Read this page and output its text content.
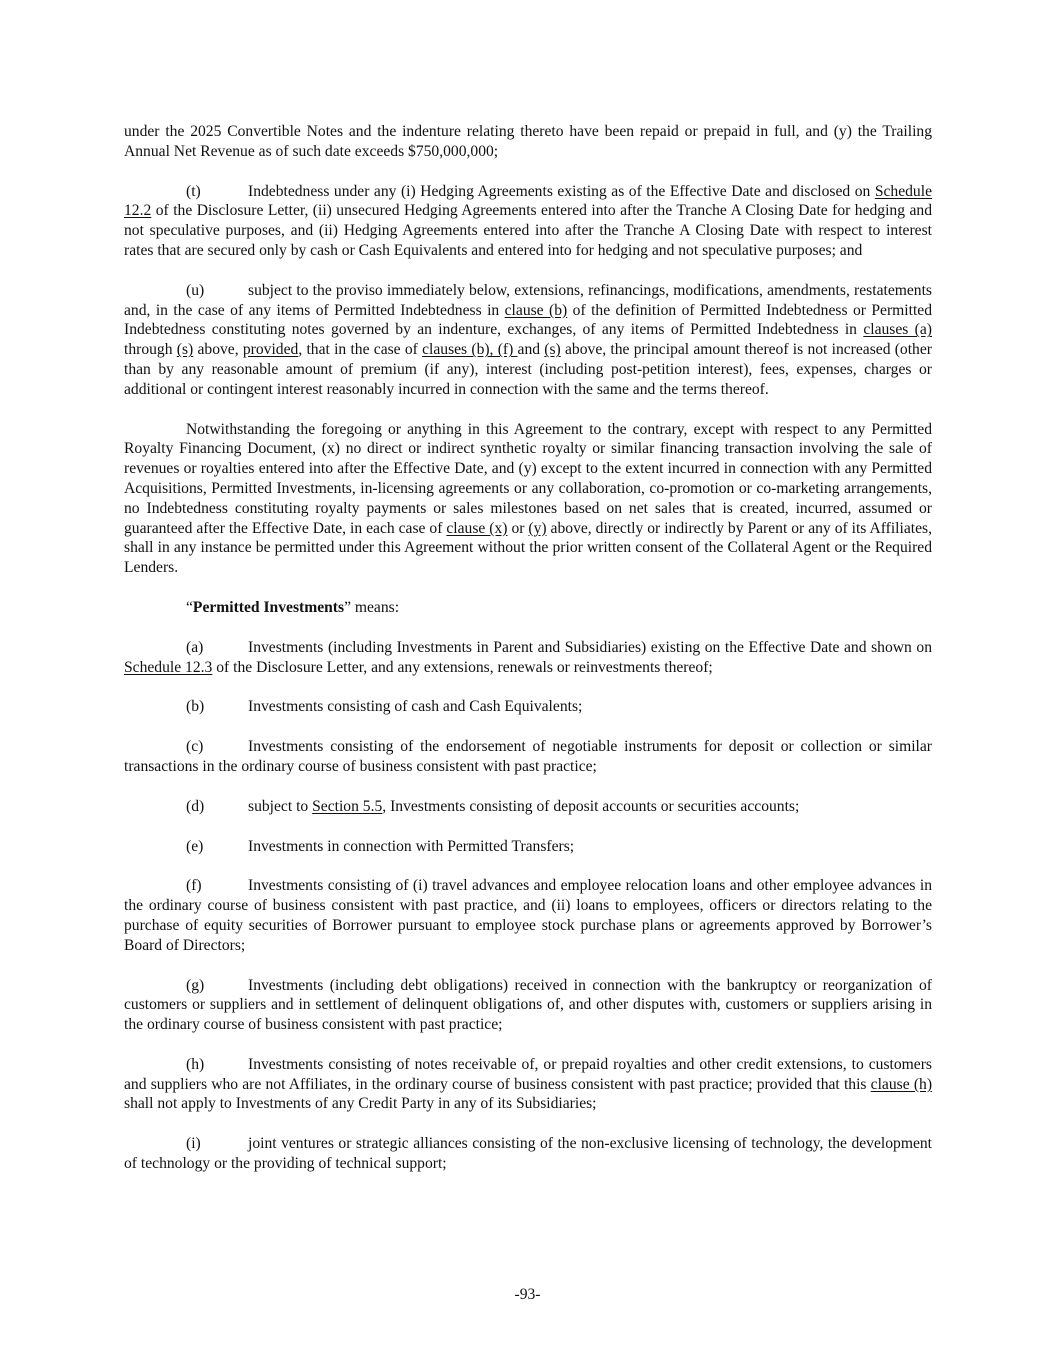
under the 2025 Convertible Notes and the indenture relating thereto have been repaid or prepaid in full, and (y) the Trailing Annual Net Revenue as of such date exceeds $750,000,000;

(t)	Indebtedness under any (i) Hedging Agreements existing as of the Effective Date and disclosed on Schedule 12.2 of the Disclosure Letter, (ii) unsecured Hedging Agreements entered into after the Tranche A Closing Date for hedging and not speculative purposes, and (ii) Hedging Agreements entered into after the Tranche A Closing Date with respect to interest rates that are secured only by cash or Cash Equivalents and entered into for hedging and not speculative purposes; and

(u)	subject to the proviso immediately below, extensions, refinancings, modifications, amendments, restatements and, in the case of any items of Permitted Indebtedness in clause (b) of the definition of Permitted Indebtedness or Permitted Indebtedness constituting notes governed by an indenture, exchanges, of any items of Permitted Indebtedness in clauses (a) through (s) above, provided, that in the case of clauses (b), (f) and (s) above, the principal amount thereof is not increased (other than by any reasonable amount of premium (if any), interest (including post-petition interest), fees, expenses, charges or additional or contingent interest reasonably incurred in connection with the same and the terms thereof.

Notwithstanding the foregoing or anything in this Agreement to the contrary, except with respect to any Permitted Royalty Financing Document, (x) no direct or indirect synthetic royalty or similar financing transaction involving the sale of revenues or royalties entered into after the Effective Date, and (y) except to the extent incurred in connection with any Permitted Acquisitions, Permitted Investments, in-licensing agreements or any collaboration, co-promotion or co-marketing arrangements, no Indebtedness constituting royalty payments or sales milestones based on net sales that is created, incurred, assumed or guaranteed after the Effective Date, in each case of clause (x) or (y) above, directly or indirectly by Parent or any of its Affiliates, shall in any instance be permitted under this Agreement without the prior written consent of the Collateral Agent or the Required Lenders.

“Permitted Investments” means:

(a)	Investments (including Investments in Parent and Subsidiaries) existing on the Effective Date and shown on Schedule 12.3 of the Disclosure Letter, and any extensions, renewals or reinvestments thereof;

(b)	Investments consisting of cash and Cash Equivalents;

(c)	Investments consisting of the endorsement of negotiable instruments for deposit or collection or similar transactions in the ordinary course of business consistent with past practice;

(d)	subject to Section 5.5, Investments consisting of deposit accounts or securities accounts;

(e)	Investments in connection with Permitted Transfers;

(f)	Investments consisting of (i) travel advances and employee relocation loans and other employee advances in the ordinary course of business consistent with past practice, and (ii) loans to employees, officers or directors relating to the purchase of equity securities of Borrower pursuant to employee stock purchase plans or agreements approved by Borrower’s Board of Directors;

(g)	Investments (including debt obligations) received in connection with the bankruptcy or reorganization of customers or suppliers and in settlement of delinquent obligations of, and other disputes with, customers or suppliers arising in the ordinary course of business consistent with past practice;

(h)	Investments consisting of notes receivable of, or prepaid royalties and other credit extensions, to customers and suppliers who are not Affiliates, in the ordinary course of business consistent with past practice; provided that this clause (h) shall not apply to Investments of any Credit Party in any of its Subsidiaries;

(i)	joint ventures or strategic alliances consisting of the non-exclusive licensing of technology, the development of technology or the providing of technical support;

-93-
